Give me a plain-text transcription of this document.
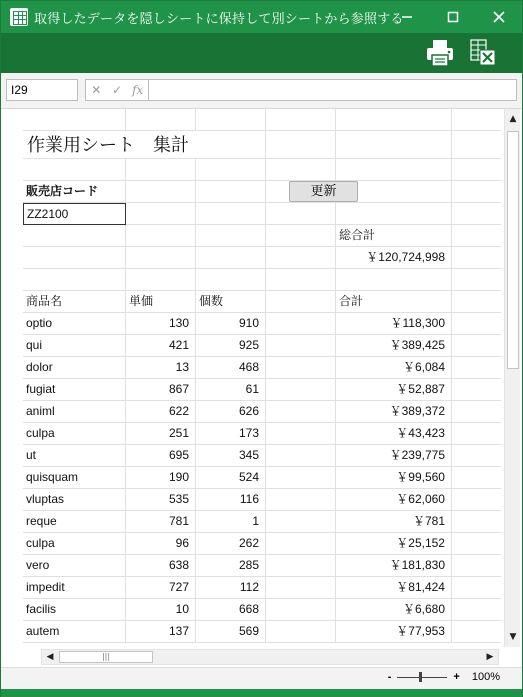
取得したデータを隠しシートに保持して別シートから参照する
I29	✕ ✓ fx
作業用シート　集計
販売店コード
ZZ2100
総合計
￥120,724,998
商品名	単価	個数	合計
optio	130	910	￥118,300
qui	421	925	￥389,425
dolor	13	468	￥6,084
fugiat	867	61	￥52,887
animl	622	626	￥389,372
culpa	251	173	￥43,423
ut	695	345	￥239,775
quisquam	190	524	￥99,560
vluptas	535	116	￥62,060
reque	781	1	￥781
culpa	96	262	￥25,152
vero	638	285	￥181,830
impedit	727	112	￥81,424
facilis	10	668	￥6,680
autem	137	569	￥77,953
更新
▲
▼
◀	|||	▶
-	+ 100%
